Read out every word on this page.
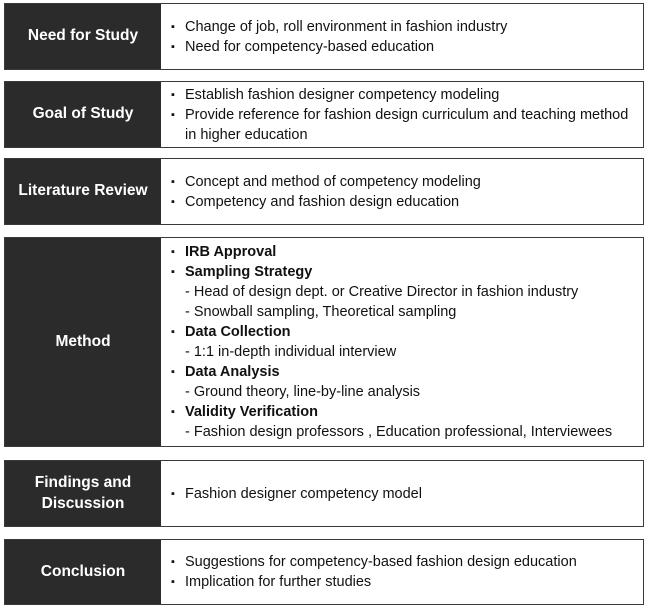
Need for Study
▪ Change of job, roll environment in fashion industry
▪ Need for competency-based education
Goal of Study
▪ Establish fashion designer competency modeling
▪ Provide reference for fashion design curriculum and teaching method in higher education
Literature Review
▪ Concept and method of competency modeling
▪ Competency and fashion design education
Method
▪ IRB Approval
▪ Sampling Strategy
- Head of design dept. or Creative Director in fashion industry
- Snowball sampling, Theoretical sampling
▪ Data Collection
- 1:1 in-depth individual interview
▪ Data Analysis
- Ground theory, line-by-line analysis
▪ Validity Verification
- Fashion design professors , Education professional, Interviewees
Findings and
Discussion
▪ Fashion designer competency model
Conclusion
▪ Suggestions for competency-based fashion design education
▪ Implication for further studies
